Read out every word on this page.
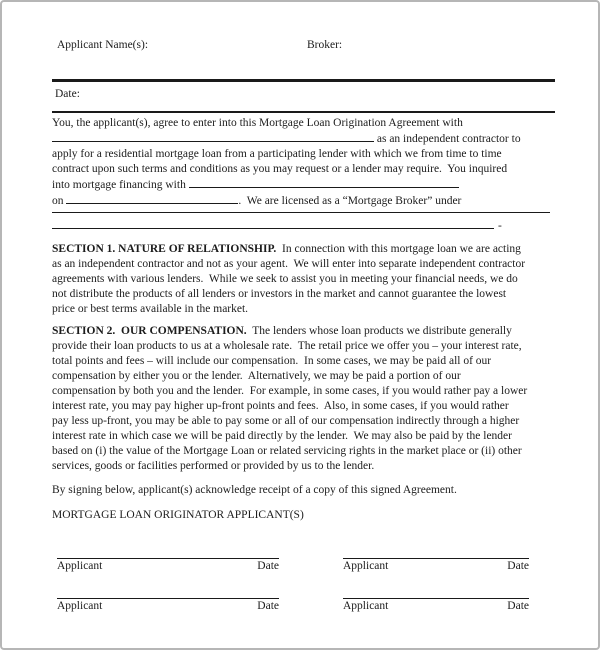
Applicant Name(s):	Broker:
Date:
You, the applicant(s), agree to enter into this Mortgage Loan Origination Agreement with
as an independent contractor to
apply for a residential mortgage loan from a participating lender with which we from time to time
contract upon such terms and conditions as you may request or a lender may require.  You inquired
into mortgage financing with
on	.  We are licensed as a “Mortgage Broker” under
-
SECTION 1. NATURE OF RELATIONSHIP.  In connection with this mortgage loan we are acting
as an independent contractor and not as your agent.  We will enter into separate independent contractor
agreements with various lenders.  While we seek to assist you in meeting your financial needs, we do
not distribute the products of all lenders or investors in the market and cannot guarantee the lowest
price or best terms available in the market.
SECTION 2.  OUR COMPENSATION.  The lenders whose loan products we distribute generally
provide their loan products to us at a wholesale rate.  The retail price we offer you – your interest rate,
total points and fees – will include our compensation.  In some cases, we may be paid all of our
compensation by either you or the lender.  Alternatively, we may be paid a portion of our
compensation by both you and the lender.  For example, in some cases, if you would rather pay a lower
interest rate, you may pay higher up-front points and fees.  Also, in some cases, if you would rather
pay less up-front, you may be able to pay some or all of our compensation indirectly through a higher
interest rate in which case we will be paid directly by the lender.  We may also be paid by the lender
based on (i) the value of the Mortgage Loan or related servicing rights in the market place or (ii) other
services, goods or facilities performed or provided by us to the lender.
By signing below, applicant(s) acknowledge receipt of a copy of this signed Agreement.
MORTGAGE LOAN ORIGINATOR APPLICANT(S)
Applicant	Date	Applicant	Date
Applicant	Date	Applicant	Date
